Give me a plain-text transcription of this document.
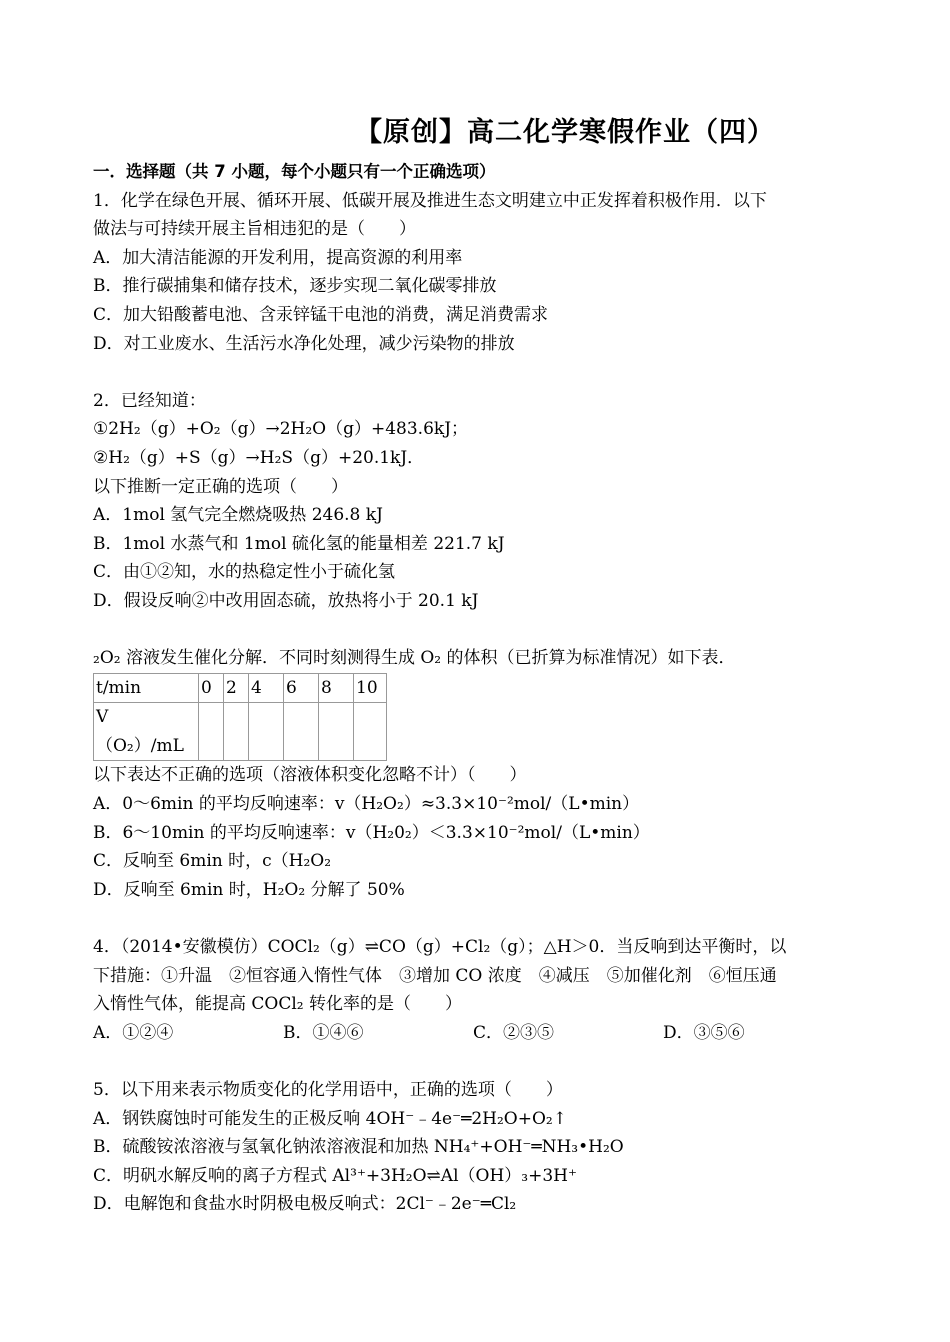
【原创】高二化学寒假作业（四）

一．选择题（共 7 小题，每个小题只有一个正确选项）

1．化学在绿色开展、循环开展、低碳开展及推进生态文明建立中正发挥着积极作用．以下

做法与可持续开展主旨相违犯的是（　　）

A．加大清洁能源的开发利用，提高资源的利用率

B．推行碳捕集和储存技术，逐步实现二氧化碳零排放

C．加大铅酸蓄电池、含汞锌锰干电池的消费，满足消费需求

D．对工业废水、生活污水净化处理，减少污染物的排放

2．已经知道：

①2H₂（g）+O₂（g）→2H₂O（g）+483.6kJ；

②H₂（g）+S（g）→H₂S（g）+20.1kJ．

以下推断一定正确的选项（　　）

A．1mol 氢气完全燃烧吸热 246.8 kJ

B．1mol 水蒸气和 1mol 硫化氢的能量相差 221.7 kJ

C．由①②知，水的热稳定性小于硫化氢

D．假设反响②中改用固态硫，放热将小于 20.1 kJ

₂O₂ 溶液发生催化分解．不同时刻测得生成 O₂ 的体积（已折算为标准情况）如下表．

t/min	0	2	4	6	8	10
V（O₂）/mL						

以下表达不正确的选项（溶液体积变化忽略不计）（　　）

A．0～6min 的平均反响速率：v（H₂O₂）≈3.3×10⁻²mol/（L•min）

B．6～10min 的平均反响速率：v（H₂0₂）＜3.3×10⁻²mol/（L•min）

C．反响至 6min 时，c（H₂O₂

D．反响至 6min 时，H₂O₂ 分解了 50%

4．（2014•安徽模仿）COCl₂（g）⇌CO（g）+Cl₂（g）；△H＞0．当反响到达平衡时，以

下措施：①升温　②恒容通入惰性气体　③增加 CO 浓度　④减压　⑤加催化剂　⑥恒压通

入惰性气体，能提高 COCl₂ 转化率的是（　　）

A．①②④	B．①④⑥	C．②③⑤	D．③⑤⑥

5．以下用来表示物质变化的化学用语中，正确的选项（　　）

A．钢铁腐蚀时可能发生的正极反响 4OH⁻﹣4e⁻═2H₂O+O₂↑

B．硫酸铵浓溶液与氢氧化钠浓溶液混和加热 NH₄⁺+OH⁻═NH₃•H₂O

C．明矾水解反响的离子方程式 Al³⁺+3H₂O⇌Al（OH）₃+3H⁺

D．电解饱和食盐水时阴极电极反响式：2Cl⁻﹣2e⁻═Cl₂
